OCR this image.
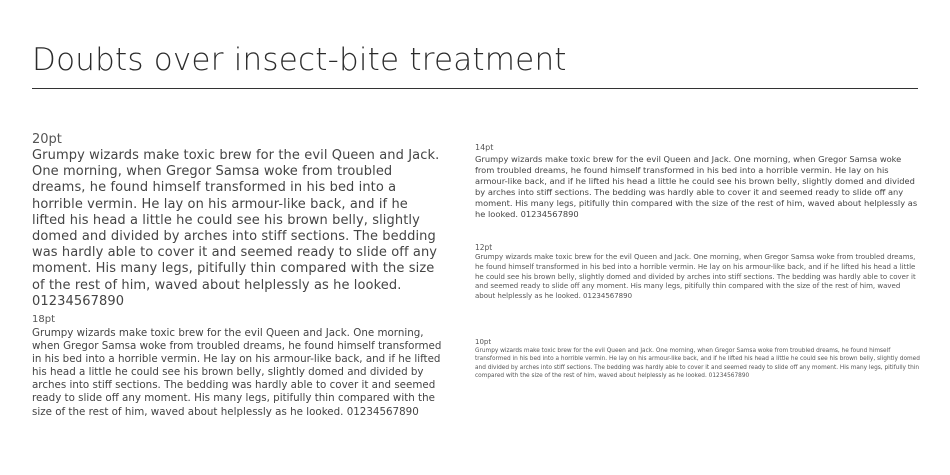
Doubts over insect-bite treatment
20pt

Grumpy wizards make toxic brew for the evil Queen and Jack. One morning, when Gregor Samsa woke from troubled dreams, he found himself transformed in his bed into a horrible vermin. He lay on his armour-like back, and if he lifted his head a little he could see his brown belly, slightly domed and divided by arches into stiff sections. The bedding was hardly able to cover it and seemed ready to slide off any moment. His many legs, pitifully thin compared with the size of the rest of him, waved about helplessly as he looked. 01234567890

18pt

Grumpy wizards make toxic brew for the evil Queen and Jack. One morning, when Gregor Samsa woke from troubled dreams, he found himself transformed in his bed into a horrible vermin. He lay on his armour-like back, and if he lifted his head a little he could see his brown belly, slightly domed and divided by arches into stiff sections. The bedding was hardly able to cover it and seemed ready to slide off any moment. His many legs, pitifully thin compared with the size of the rest of him, waved about helplessly as he looked. 01234567890

14pt

Grumpy wizards make toxic brew for the evil Queen and Jack. One morning, when Gregor Samsa woke from troubled dreams, he found himself transformed in his bed into a horrible vermin. He lay on his armour-like back, and if he lifted his head a little he could see his brown belly, slightly domed and divided by arches into stiff sections. The bedding was hardly able to cover it and seemed ready to slide off any moment. His many legs, pitifully thin compared with the size of the rest of him, waved about helplessly as he looked. 01234567890

12pt

Grumpy wizards make toxic brew for the evil Queen and Jack. One morning, when Gregor Samsa woke from troubled dreams, he found himself transformed in his bed into a horrible vermin. He lay on his armour-like back, and if he lifted his head a little he could see his brown belly, slightly domed and divided by arches into stiff sections. The bedding was hardly able to cover it and seemed ready to slide off any moment. His many legs, pitifully thin compared with the size of the rest of him, waved about helplessly as he looked. 01234567890

10pt

Grumpy wizards make toxic brew for the evil Queen and Jack. One morning, when Gregor Samsa woke from troubled dreams, he found himself transformed in his bed into a horrible vermin. He lay on his armour-like back, and if he lifted his head a little he could see his brown belly, slightly domed and divided by arches into stiff sections. The bedding was hardly able to cover it and seemed ready to slide off any moment. His many legs, pitifully thin compared with the size of the rest of him, waved about helplessly as he looked. 01234567890
